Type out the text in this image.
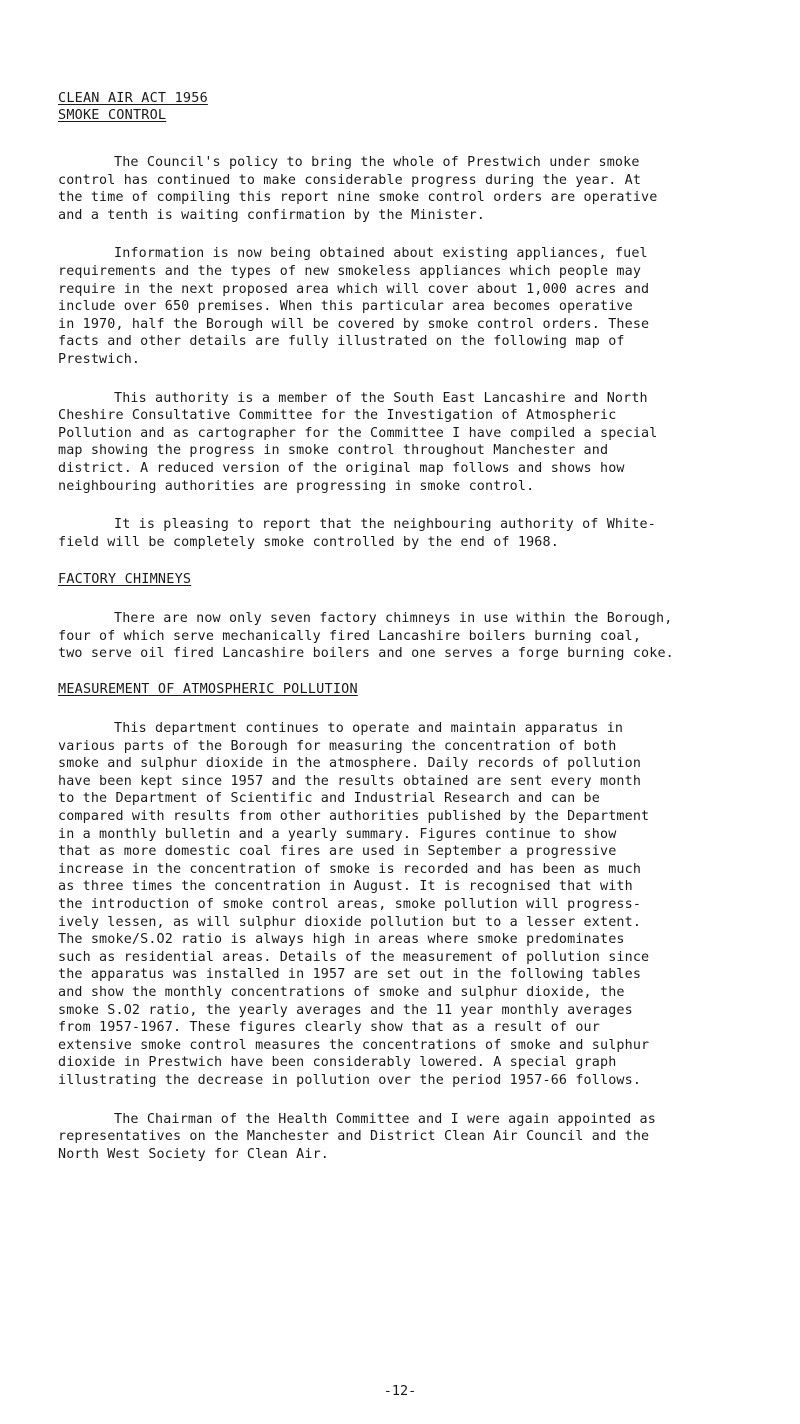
CLEAN AIR ACT 1956

SMOKE CONTROL

The Council's policy to bring the whole of Prestwich under smoke
control has continued to make considerable progress during the year. At
the time of compiling this report nine smoke control orders are operative
and a tenth is waiting confirmation by the Minister.

Information is now being obtained about existing appliances, fuel
requirements and the types of new smokeless appliances which people may
require in the next proposed area which will cover about 1,000 acres and
include over 650 premises. When this particular area becomes operative
in 1970, half the Borough will be covered by smoke control orders. These
facts and other details are fully illustrated on the following map of
Prestwich.

This authority is a member of the South East Lancashire and North
Cheshire Consultative Committee for the Investigation of Atmospheric
Pollution and as cartographer for the Committee I have compiled a special
map showing the progress in smoke control throughout Manchester and
district. A reduced version of the original map follows and shows how
neighbouring authorities are progressing in smoke control.

It is pleasing to report that the neighbouring authority of White-
field will be completely smoke controlled by the end of 1968.

FACTORY CHIMNEYS

There are now only seven factory chimneys in use within the Borough,
four of which serve mechanically fired Lancashire boilers burning coal,
two serve oil fired Lancashire boilers and one serves a forge burning coke.

MEASUREMENT OF ATMOSPHERIC POLLUTION

This department continues to operate and maintain apparatus in
various parts of the Borough for measuring the concentration of both
smoke and sulphur dioxide in the atmosphere. Daily records of pollution
have been kept since 1957 and the results obtained are sent every month
to the Department of Scientific and Industrial Research and can be
compared with results from other authorities published by the Department
in a monthly bulletin and a yearly summary. Figures continue to show
that as more domestic coal fires are used in September a progressive
increase in the concentration of smoke is recorded and has been as much
as three times the concentration in August. It is recognised that with
the introduction of smoke control areas, smoke pollution will progress-
ively lessen, as will sulphur dioxide pollution but to a lesser extent.
The smoke/S.O2 ratio is always high in areas where smoke predominates
such as residential areas. Details of the measurement of pollution since
the apparatus was installed in 1957 are set out in the following tables
and show the monthly concentrations of smoke and sulphur dioxide, the
smoke S.O2 ratio, the yearly averages and the 11 year monthly averages
from 1957-1967. These figures clearly show that as a result of our
extensive smoke control measures the concentrations of smoke and sulphur
dioxide in Prestwich have been considerably lowered. A special graph
illustrating the decrease in pollution over the period 1957-66 follows.

The Chairman of the Health Committee and I were again appointed as
representatives on the Manchester and District Clean Air Council and the
North West Society for Clean Air.

-12-
